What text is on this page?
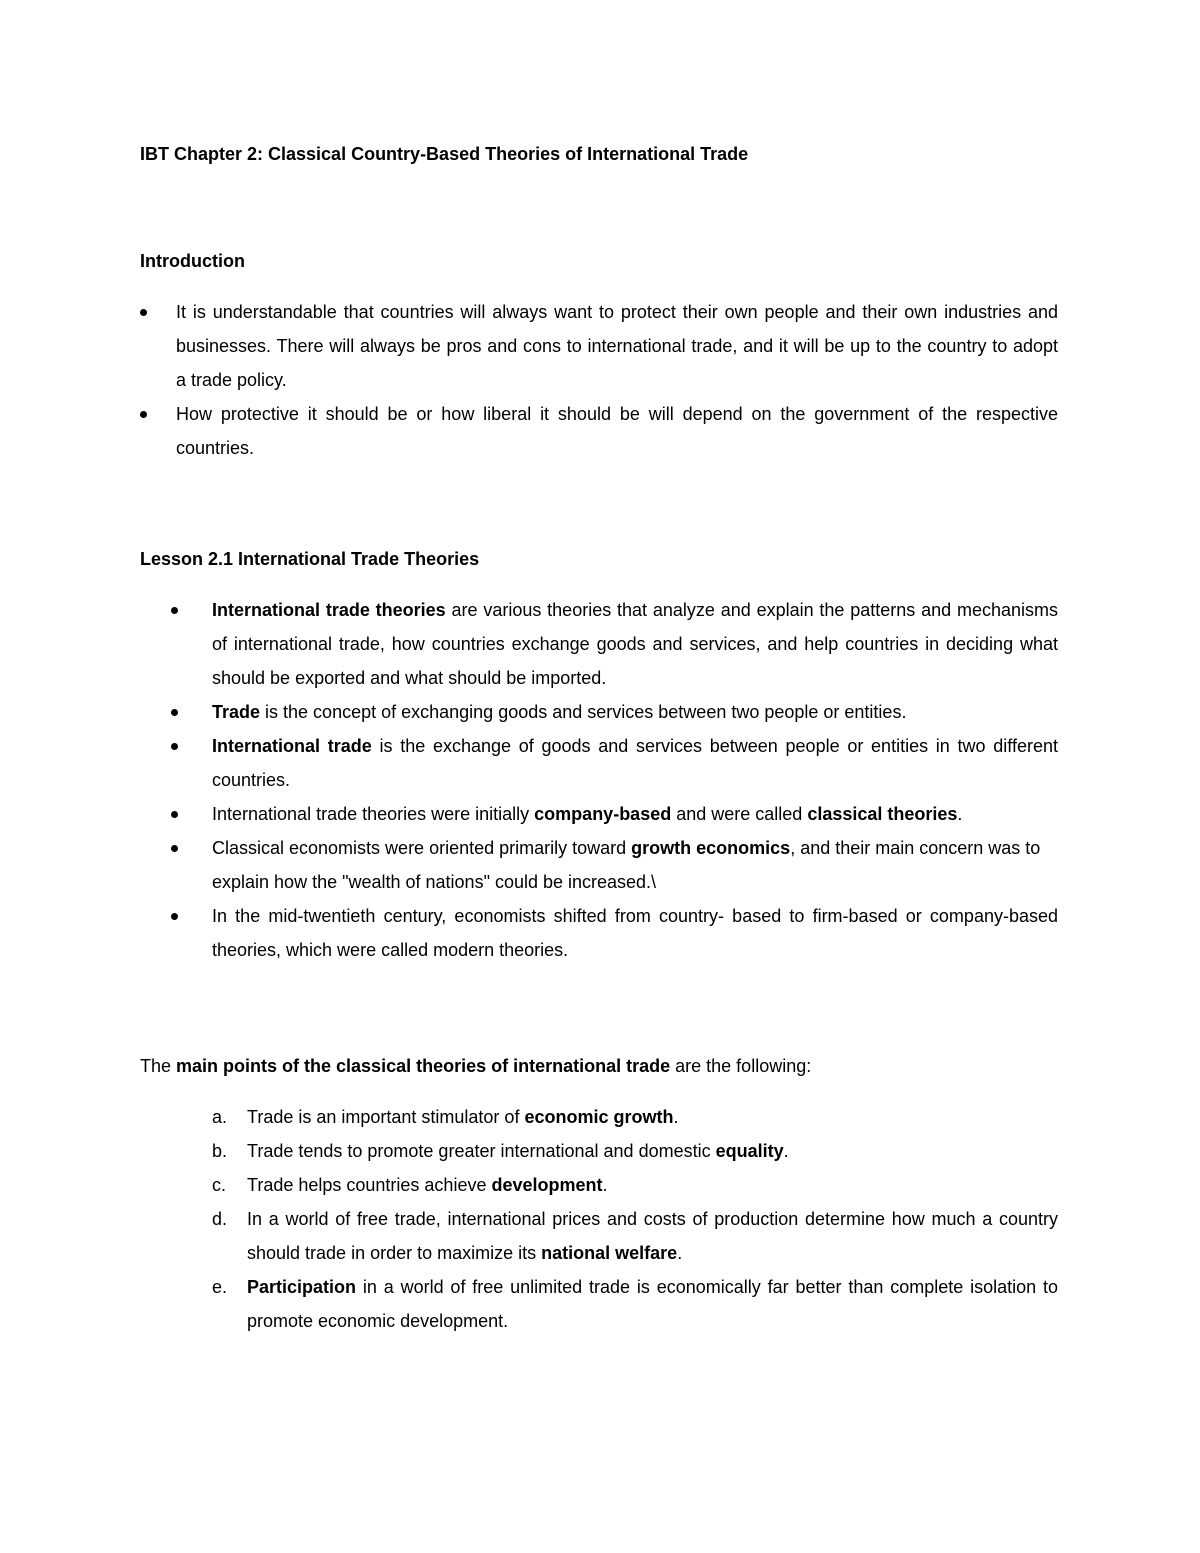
IBT Chapter 2: Classical Country-Based Theories of International Trade

Introduction

It is understandable that countries will always want to protect their own people and their own industries and businesses. There will always be pros and cons to international trade, and it will be up to the country to adopt a trade policy.
How protective it should be or how liberal it should be will depend on the government of the respective countries.

Lesson 2.1 International Trade Theories

International trade theories are various theories that analyze and explain the patterns and mechanisms of international trade, how countries exchange goods and services, and help countries in deciding what should be exported and what should be imported.
Trade is the concept of exchanging goods and services between two people or entities.
International trade is the exchange of goods and services between people or entities in two different countries.
International trade theories were initially company-based and were called classical theories.
Classical economists were oriented primarily toward growth economics, and their main concern was to explain how the "wealth of nations" could be increased.\
In the mid-twentieth century, economists shifted from country- based to firm-based or company-based theories, which were called modern theories.

The main points of the classical theories of international trade are the following:

a. Trade is an important stimulator of economic growth.
b. Trade tends to promote greater international and domestic equality.
c. Trade helps countries achieve development.
d. In a world of free trade, international prices and costs of production determine how much a country should trade in order to maximize its national welfare.
e. Participation in a world of free unlimited trade is economically far better than complete isolation to promote economic development.
